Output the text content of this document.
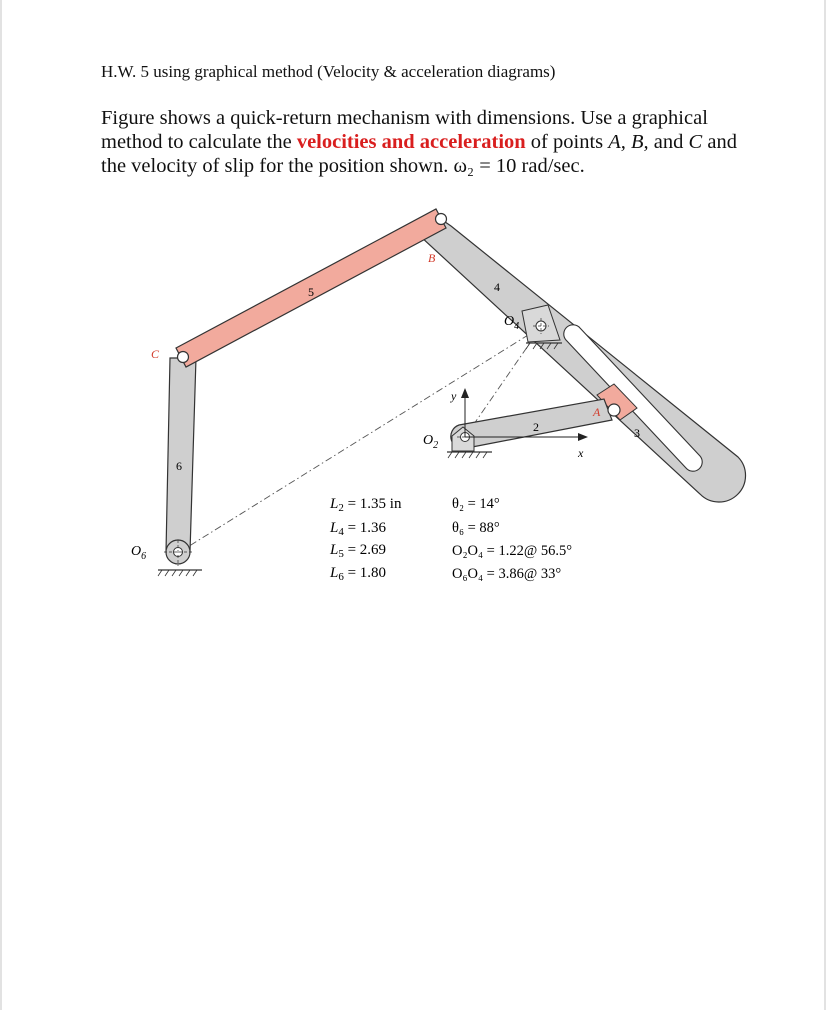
H.W. 5 using graphical method (Velocity & acceleration diagrams)
Figure shows a quick-return mechanism with dimensions. Use a graphical method to calculate the velocities and acceleration of points A, B, and C and the velocity of slip for the position shown. ω₂ = 10 rad/sec.
x
y
C
B
A
5	4
2	3
6
$O_4$
$O_2$
$O_6$
$L_2 = 1.35$ in
$L_4 = 1.36$
$L_5 = 2.69$
$L_6 = 1.80$
θ₂ = 14°
θ₆ = 88°
O₂O₄ = 1.22@ 56.5°
O₆O₄ = 3.86@ 33°
